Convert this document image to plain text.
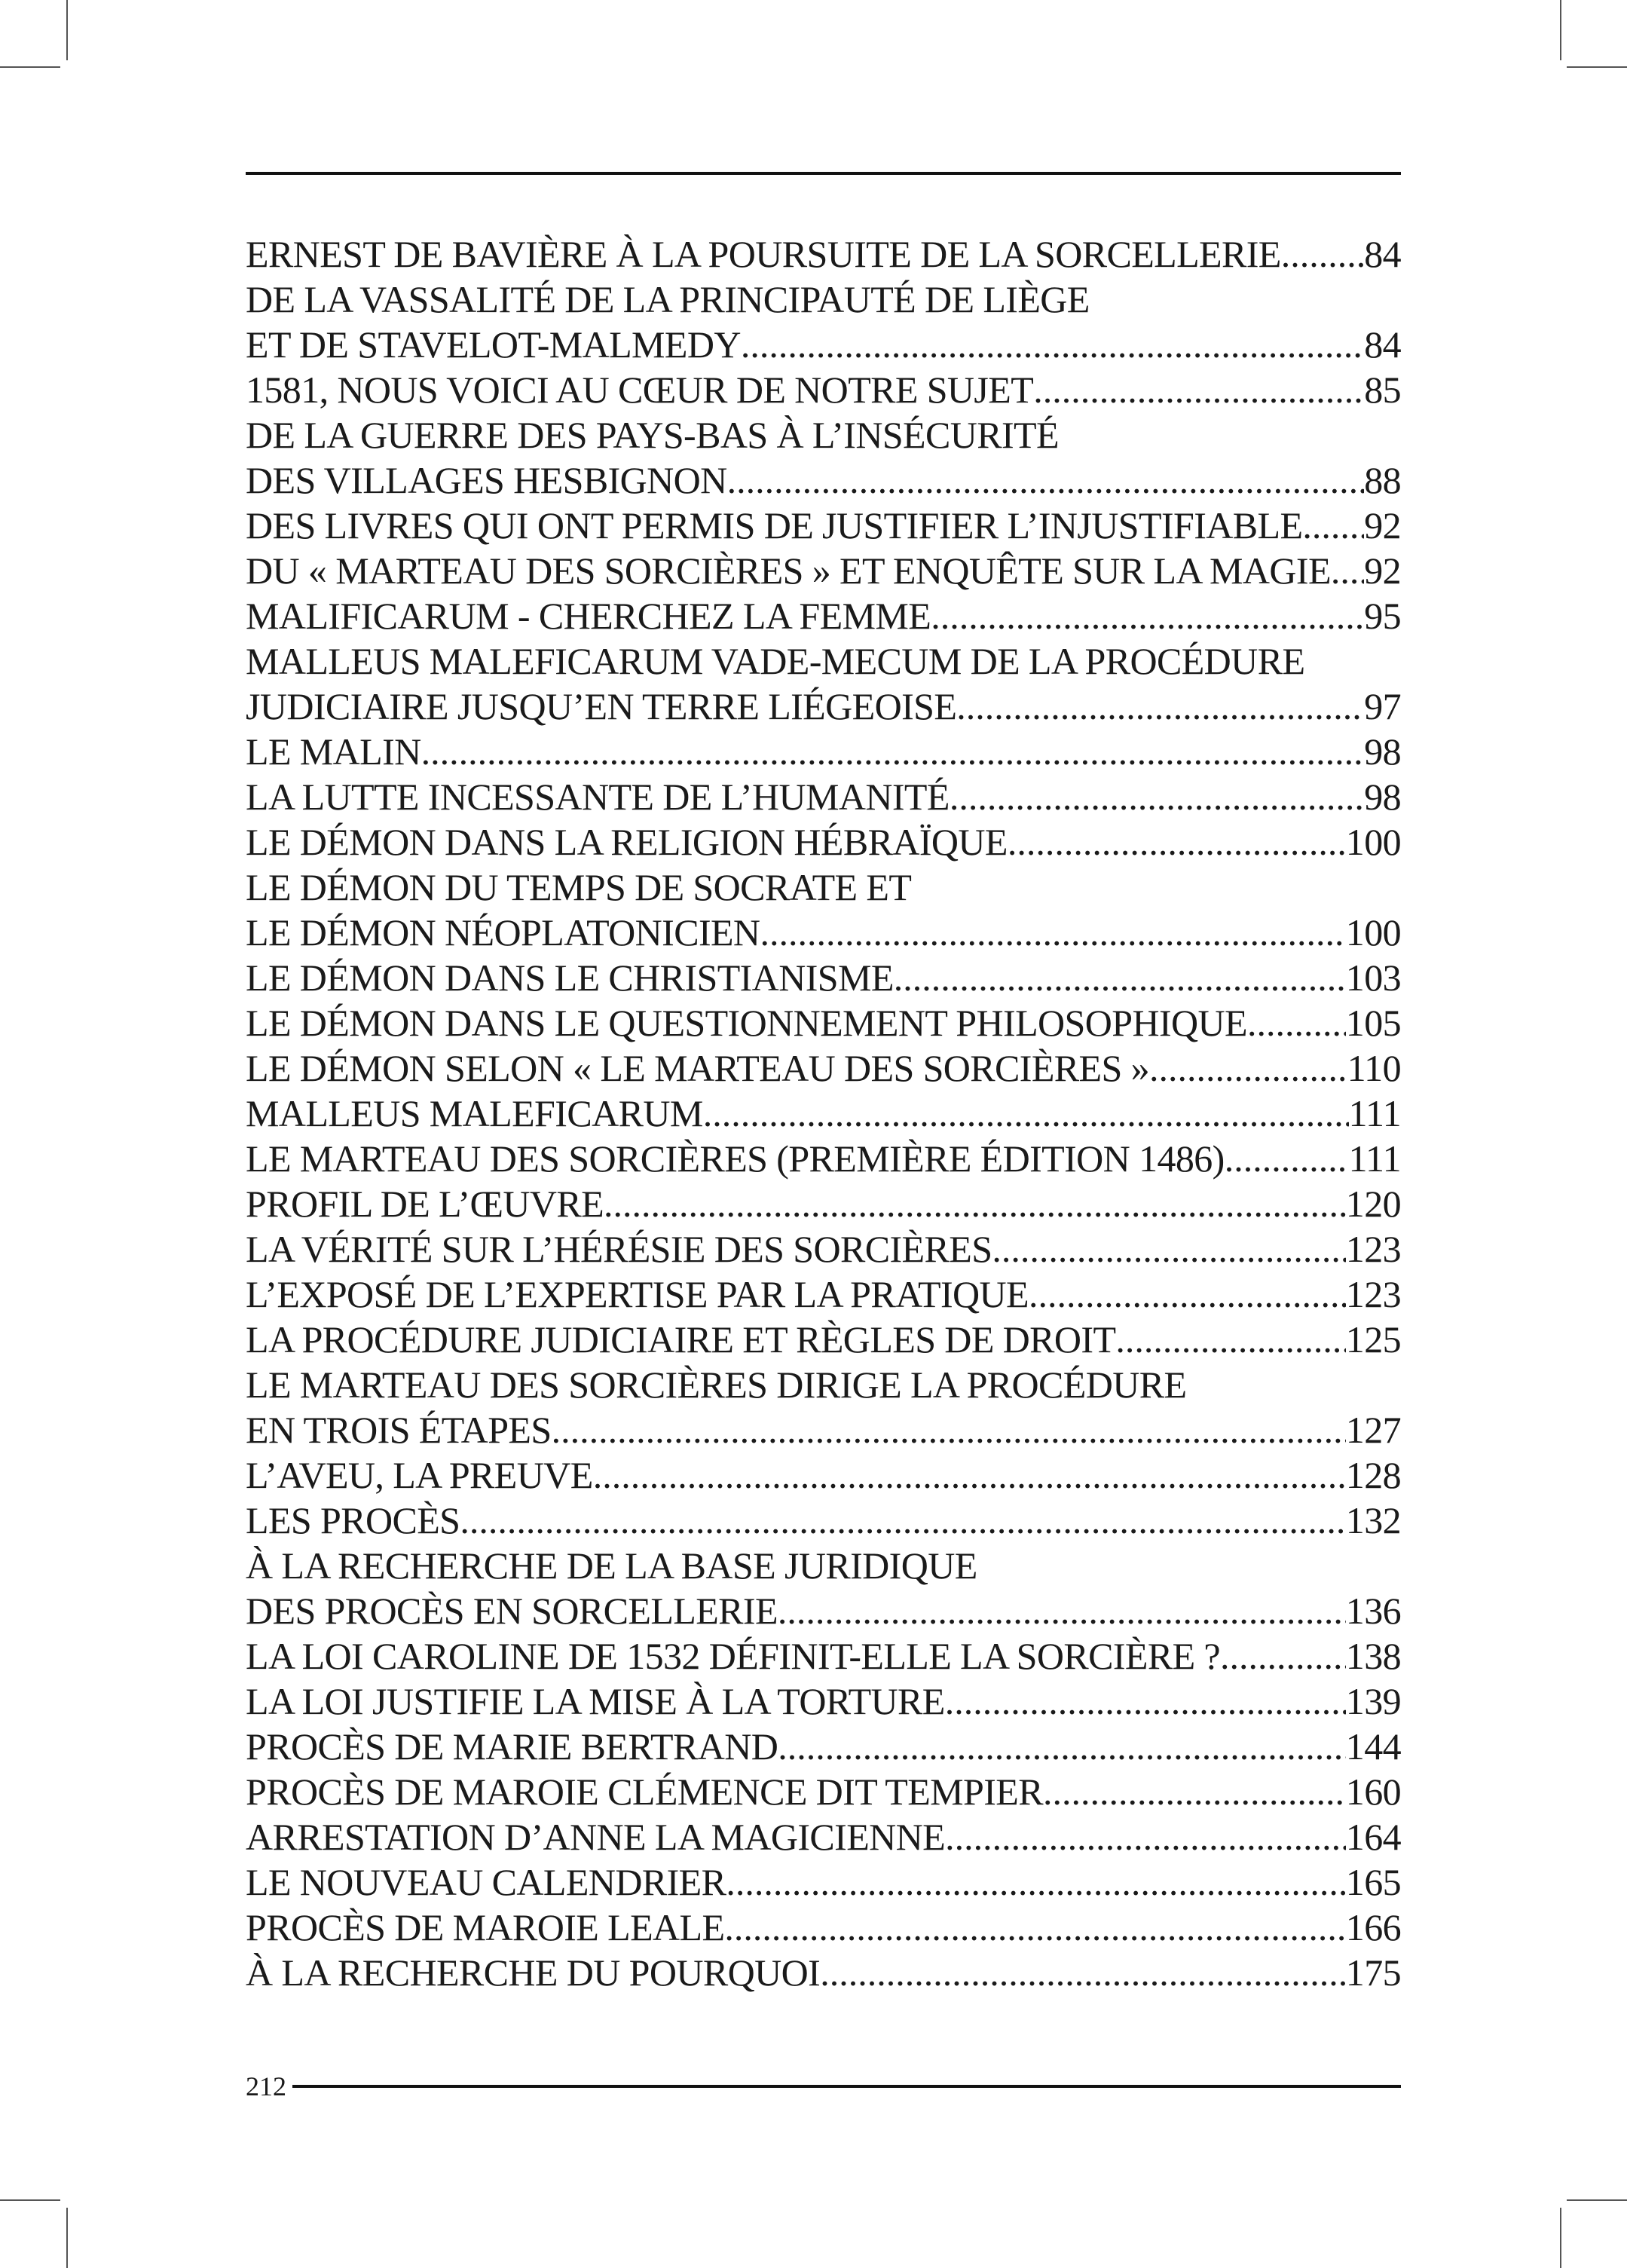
ERNEST DE BAVIÈRE À LA POURSUITE DE LA SORCELLERIE ..... 84
DE LA VASSALITÉ DE LA PRINCIPAUTÉ DE LIÈGE
ET DE STAVELOT-MALMEDY .....	84
1581, NOUS VOICI AU CŒUR DE NOTRE SUJET .....	85
DE LA GUERRE DES PAYS-BAS À L’INSÉCURITÉ
DES VILLAGES HESBIGNON .....	88
DES LIVRES QUI ONT PERMIS DE JUSTIFIER L’INJUSTIFIABLE ..... 92
DU « MARTEAU DES SORCIÈRES » ET ENQUÊTE SUR LA MAGIE ..... 92
MALIFICARUM - CHERCHEZ LA FEMME .....	95
MALLEUS MALEFICARUM VADE-MECUM DE LA PROCÉDURE
JUDICIAIRE JUSQU’EN TERRE LIÉGEOISE .....	97
LE MALIN .....	98
LA LUTTE INCESSANTE DE L’HUMANITÉ .....	98
LE DÉMON DANS LA RELIGION HÉBRAÏQUE .....	100
LE DÉMON DU TEMPS DE SOCRATE ET
LE DÉMON NÉOPLATONICIEN .....	100
LE DÉMON DANS LE CHRISTIANISME .....	103
LE DÉMON DANS LE QUESTIONNEMENT PHILOSOPHIQUE .....	105
LE DÉMON SELON « LE MARTEAU DES SORCIÈRES » .....	110
MALLEUS MALEFICARUM .....	111
LE MARTEAU DES SORCIÈRES (PREMIÈRE ÉDITION 1486) .....	111
PROFIL DE L’ŒUVRE .....	120
LA VÉRITÉ SUR L’HÉRÉSIE DES SORCIÈRES .....	123
L’EXPOSÉ DE L’EXPERTISE PAR LA PRATIQUE .....	123
LA PROCÉDURE JUDICIAIRE ET RÈGLES DE DROIT .....	125
LE MARTEAU DES SORCIÈRES DIRIGE LA PROCÉDURE
EN TROIS ÉTAPES .....	127
L’AVEU, LA PREUVE .....	128
LES PROCÈS .....	132
À LA RECHERCHE DE LA BASE JURIDIQUE
DES PROCÈS EN SORCELLERIE .....	136
LA LOI CAROLINE DE 1532 DÉFINIT-ELLE LA SORCIÈRE ? .....	138
LA LOI JUSTIFIE LA MISE À LA TORTURE .....	139
PROCÈS DE MARIE BERTRAND .....	144
PROCÈS DE MAROIE CLÉMENCE DIT TEMPIER .....	160
ARRESTATION D’ANNE LA MAGICIENNE .....	164
LE NOUVEAU CALENDRIER .....	165
PROCÈS DE MAROIE LEALE .....	166
À LA RECHERCHE DU POURQUOI .....	175
212
